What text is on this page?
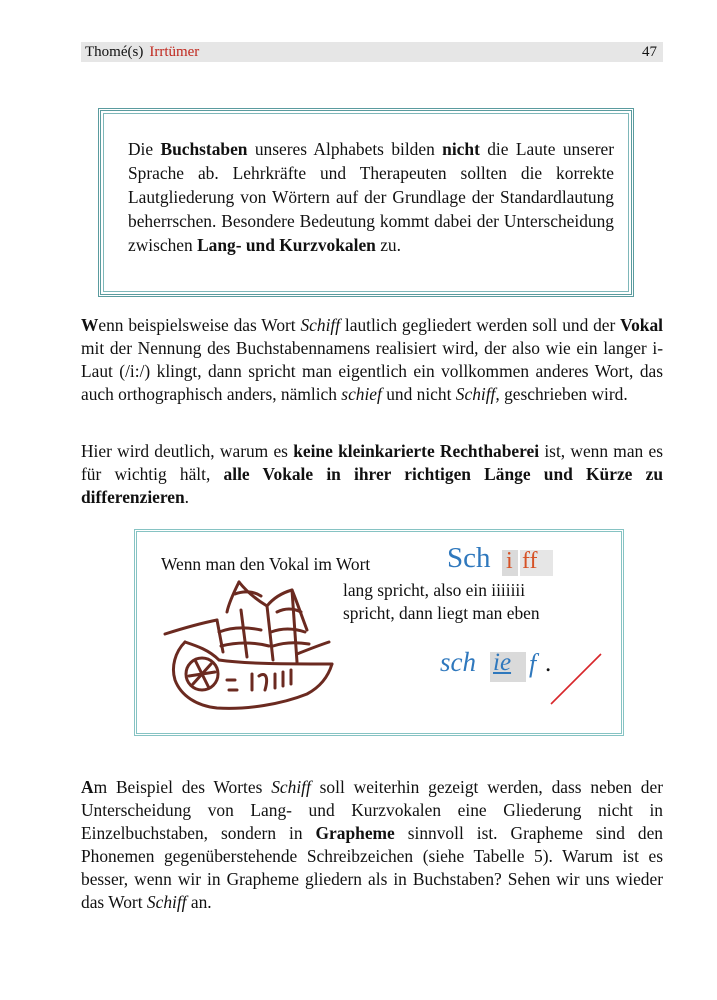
Thomé(s) Irrtümer	47
Die Buchstaben unseres Alphabets bilden nicht die Laute unserer Sprache ab. Lehrkräfte und Therapeuten sollten die korrekte Lautgliederung von Wörtern auf der Grundlage der Standardlautung beherrschen. Besondere Bedeutung kommt dabei der Unterscheidung zwischen Lang- und Kurzvokalen zu.
Wenn beispielsweise das Wort Schiff lautlich gegliedert werden soll und der Vokal mit der Nennung des Buchstabennamens realisiert wird, der also wie ein langer i-Laut (/i:/) klingt, dann spricht man eigentlich ein vollkommen anderes Wort, das auch orthographisch anders, nämlich schief und nicht Schiff, geschrieben wird.
Hier wird deutlich, warum es keine kleinkarierte Rechthaberei ist, wenn man es für wichtig hält, alle Vokale in ihrer richtigen Länge und Kürze zu differenzieren.
Wenn man den Vokal im Wort	Sch i ff
lang spricht, also ein iiiiiii
spricht, dann liegt man eben
sch ie f .
Am Beispiel des Wortes Schiff soll weiterhin gezeigt werden, dass neben der Unterscheidung von Lang- und Kurzvokalen eine Gliederung nicht in Einzelbuchstaben, sondern in Grapheme sinnvoll ist. Grapheme sind den Phonemen gegenüberstehende Schreibzeichen (siehe Tabelle 5). Warum ist es besser, wenn wir in Grapheme gliedern als in Buchstaben? Sehen wir uns wieder das Wort Schiff an.
